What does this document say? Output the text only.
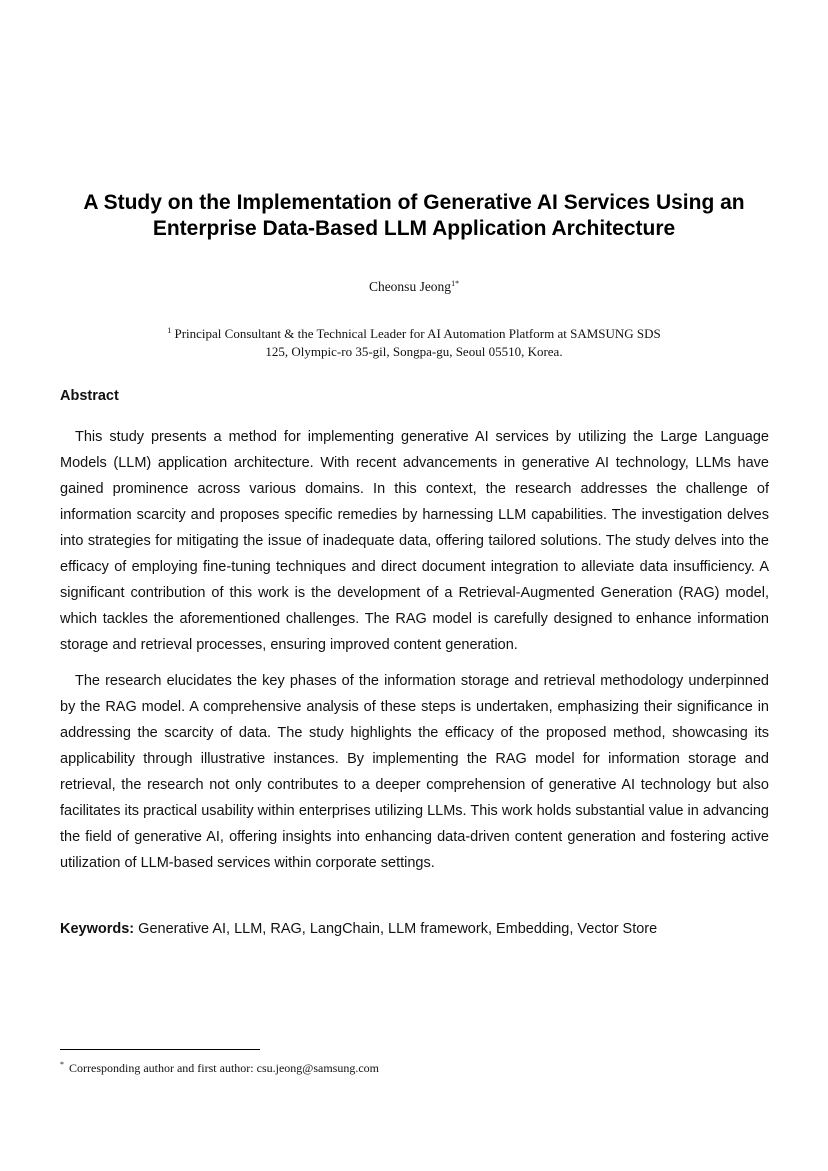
A Study on the Implementation of Generative AI Services Using an
Enterprise Data-Based LLM Application Architecture
Cheonsu Jeong$^{1*}$
$^1$ Principal Consultant & the Technical Leader for AI Automation Platform at SAMSUNG SDS
125, Olympic-ro 35-gil, Songpa-gu, Seoul 05510, Korea.
Abstract

This study presents a method for implementing generative AI services by utilizing the Large Language Models (LLM) application architecture. With recent advancements in generative AI technology, LLMs have gained prominence across various domains. In this context, the research addresses the challenge of information scarcity and proposes specific remedies by harnessing LLM capabilities. The investigation delves into strategies for mitigating the issue of inadequate data, offering tailored solutions. The study delves into the efficacy of employing fine-tuning techniques and direct document integration to alleviate data insufficiency. A significant contribution of this work is the development of a Retrieval-Augmented Generation (RAG) model, which tackles the aforementioned challenges. The RAG model is carefully designed to enhance information storage and retrieval processes, ensuring improved content generation.

The research elucidates the key phases of the information storage and retrieval methodology underpinned by the RAG model. A comprehensive analysis of these steps is undertaken, emphasizing their significance in addressing the scarcity of data. The study highlights the efficacy of the proposed method, showcasing its applicability through illustrative instances. By implementing the RAG model for information storage and retrieval, the research not only contributes to a deeper comprehension of generative AI technology but also facilitates its practical usability within enterprises utilizing LLMs. This work holds substantial value in advancing the field of generative AI, offering insights into enhancing data-driven content generation and fostering active utilization of LLM-based services within corporate settings.

Keywords: Generative AI, LLM, RAG, LangChain, LLM framework, Embedding, Vector Store

* Corresponding author and first author: csu.jeong@samsung.com
